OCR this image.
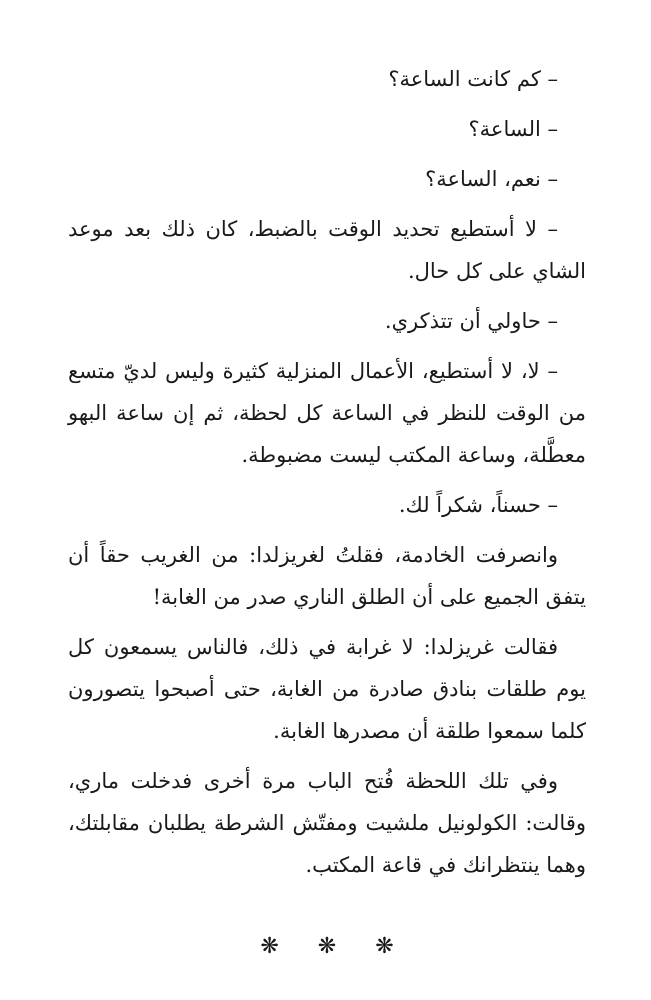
– كم كانت الساعة؟

– الساعة؟

– نعم، الساعة؟

– لا أستطيع تحديد الوقت بالضبط، كان ذلك بعد موعد الشاي على كل حال.

– حاولي أن تتذكري.

– لا، لا أستطيع، الأعمال المنزلية كثيرة وليس لديّ متسع من الوقت للنظر في الساعة كل لحظة، ثم إن ساعة البهو معطَّلة، وساعة المكتب ليست مضبوطة.

– حسناً، شكراً لك.

وانصرفت الخادمة، فقلتُ لغريزلدا: من الغريب حقاً أن يتفق الجميع على أن الطلق الناري صدر من الغابة!

فقالت غريزلدا: لا غرابة في ذلك، فالناس يسمعون كل يوم طلقات بنادق صادرة من الغابة، حتى أصبحوا يتصورون كلما سمعوا طلقة أن مصدرها الغابة.

وفي تلك اللحظة فُتح الباب مرة أخرى فدخلت ماري، وقالت: الكولونيل ملشيت ومفتّش الشرطة يطلبان مقابلتك، وهما ينتظرانك في قاعة المكتب.

❋ ❋ ❋
